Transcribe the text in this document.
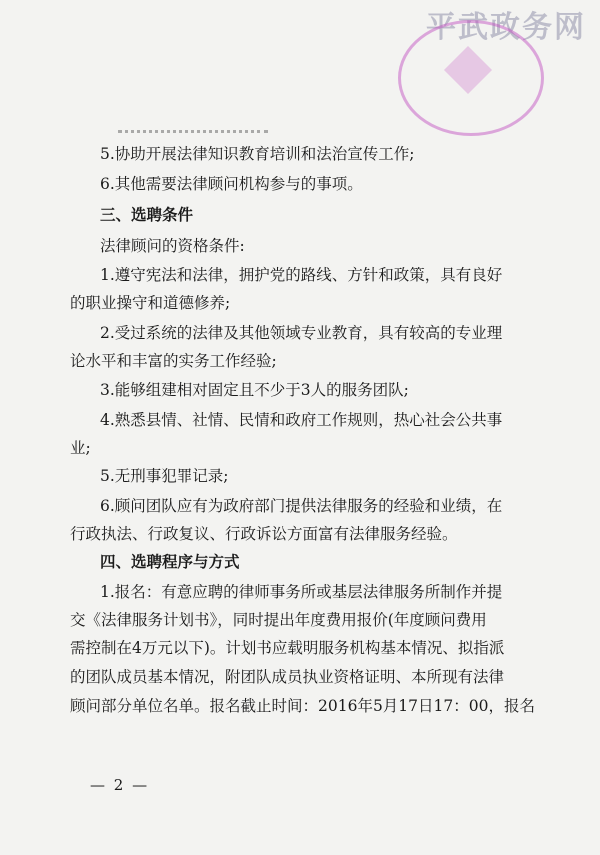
平武政务网
5.协助开展法律知识教育培训和法治宣传工作;
6.其他需要法律顾问机构参与的事项。
三、选聘条件
法律顾问的资格条件:
1.遵守宪法和法律，拥护党的路线、方针和政策，具有良好
的职业操守和道德修养;
2.受过系统的法律及其他领域专业教育，具有较高的专业理
论水平和丰富的实务工作经验;
3.能够组建相对固定且不少于3人的服务团队;
4.熟悉县情、社情、民情和政府工作规则，热心社会公共事
业;
5.无刑事犯罪记录;
6.顾问团队应有为政府部门提供法律服务的经验和业绩，在
行政执法、行政复议、行政诉讼方面富有法律服务经验。
四、选聘程序与方式
1.报名：有意应聘的律师事务所或基层法律服务所制作并提
交《法律服务计划书》，同时提出年度费用报价(年度顾问费用
需控制在4万元以下)。计划书应载明服务机构基本情况、拟指派
的团队成员基本情况，附团队成员执业资格证明、本所现有法律
顾问部分单位名单。报名截止时间：2016年5月17日17：00，报名
— 2 —
